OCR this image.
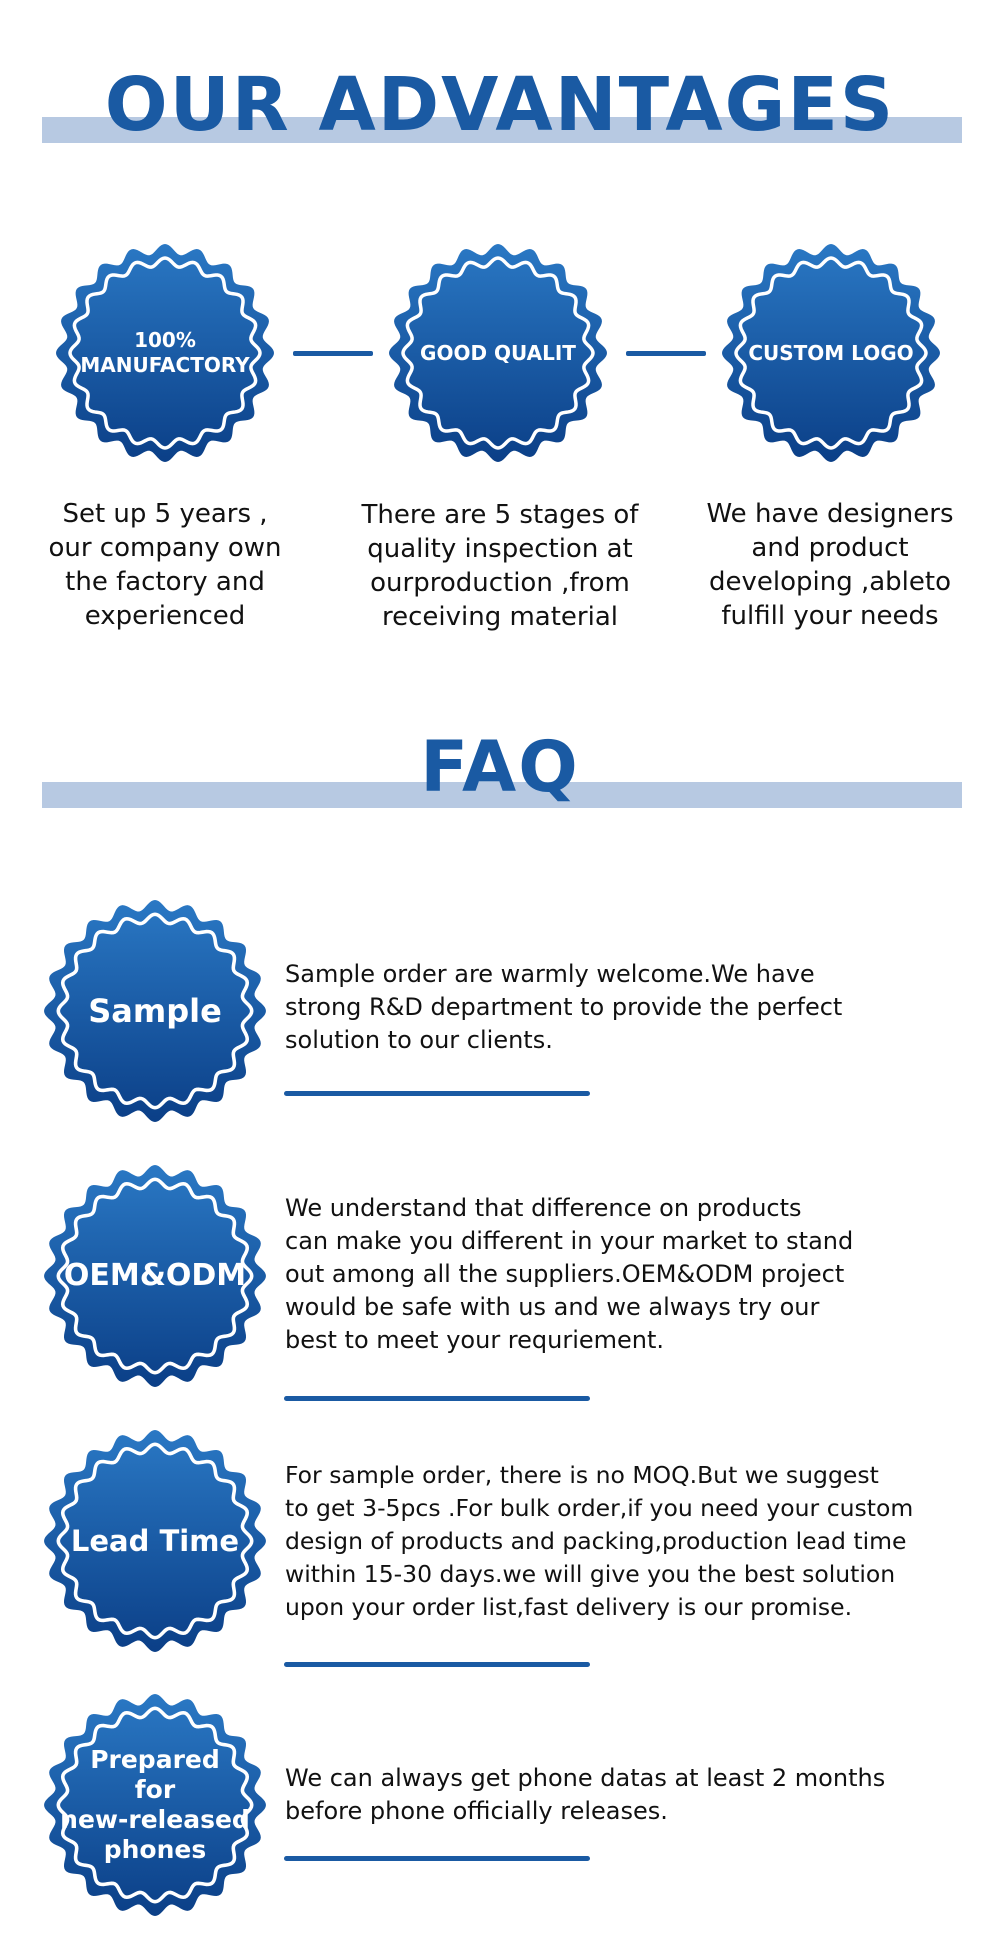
OUR ADVANTAGES
100%
MANUFACTORY
GOOD QUALIT	CUSTOM LOGO
Set up 5 years ,
our company own
the factory and
experienced
There are 5 stages of
quality inspection at
ourproduction ,from
receiving material
We have designers
and product
developing ,ableto
fulfill your needs
FAQ
Sample
Sample order are warmly welcome.We have
strong R&D department to provide the perfect
solution to our clients.
OEM&ODM
We understand that difference on products
can make you different in your market to stand
out among all the suppliers.OEM&ODM project
would be safe with us and we always try our
best to meet your requriement.
Lead Time
For sample order, there is no MOQ.But we suggest
to get 3-5pcs .For bulk order,if you need your custom
design of products and packing,production lead time
within 15-30 days.we will give you the best solution
upon your order list,fast delivery is our promise.
Prepared
for
new-released
phones
We can always get phone datas at least 2 months
before phone officially releases.
